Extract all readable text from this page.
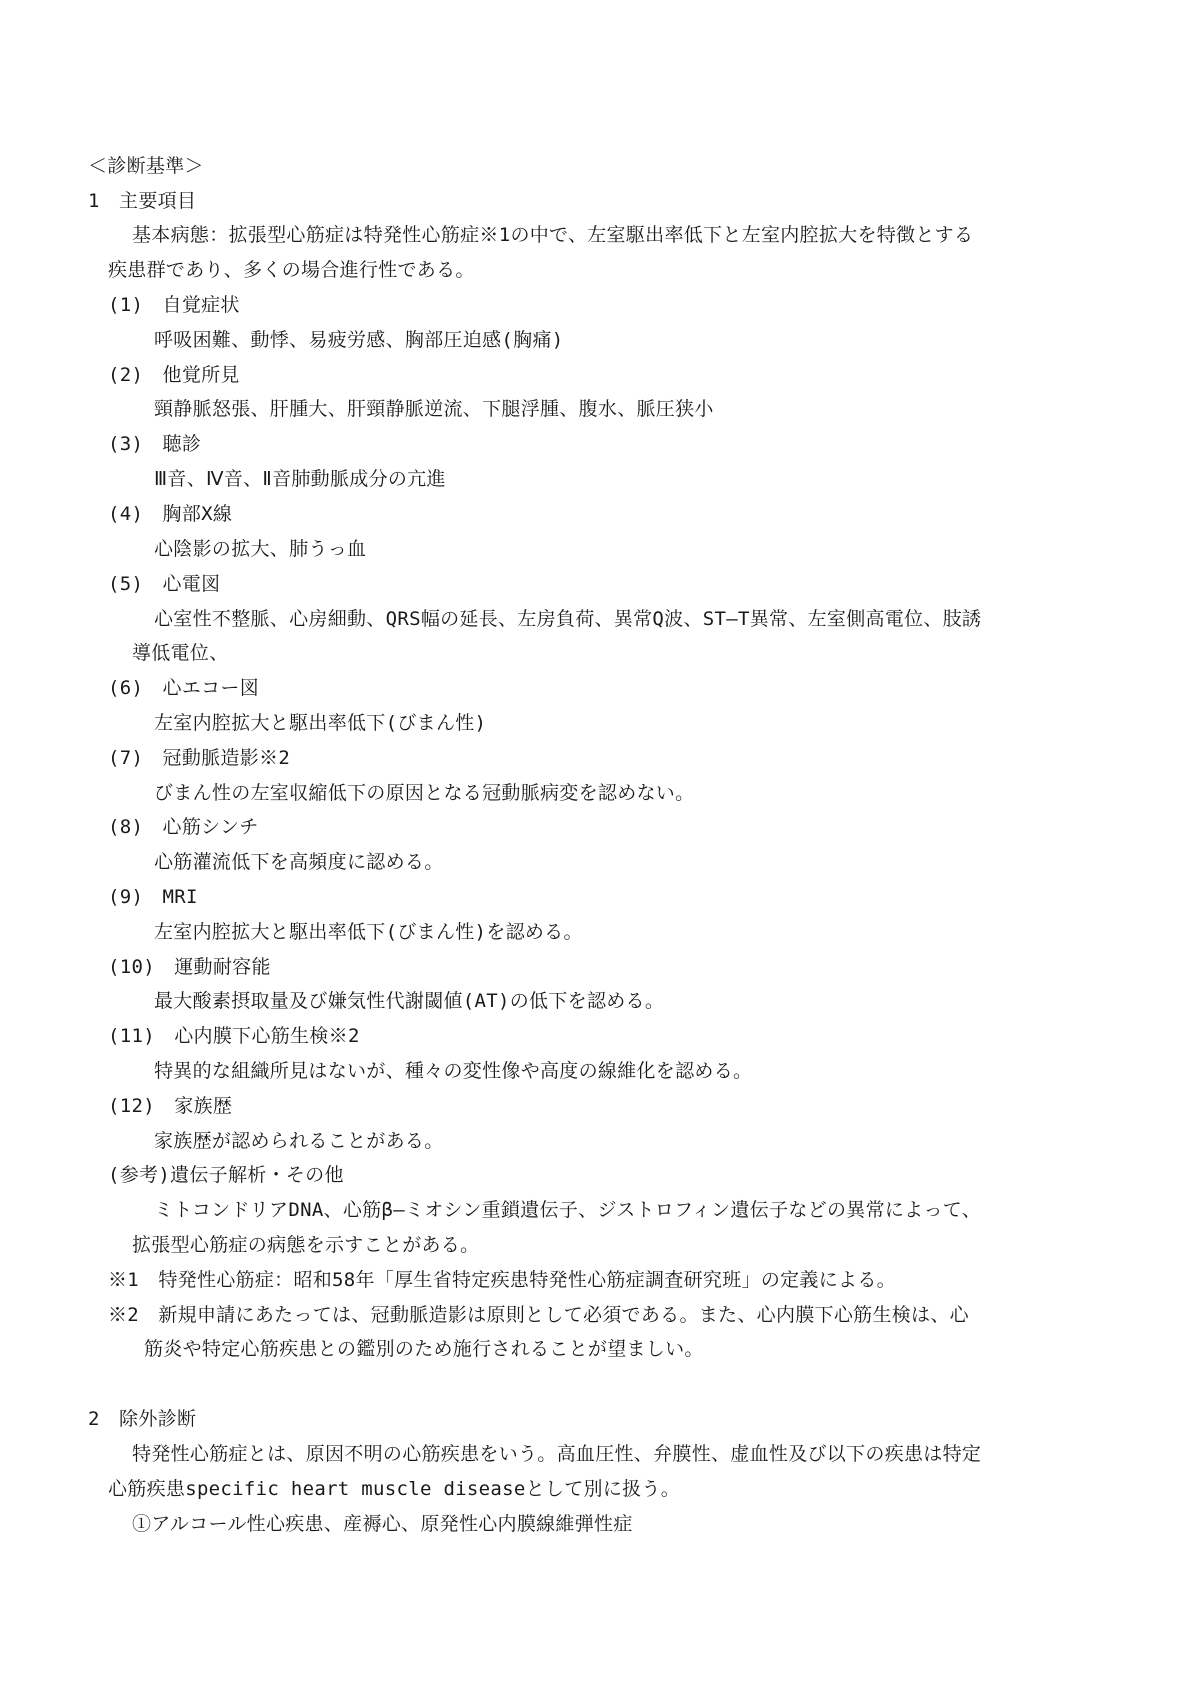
＜診断基準＞
1　主要項目
基本病態：拡張型心筋症は特発性心筋症※1の中で、左室駆出率低下と左室内腔拡大を特徴とする
疾患群であり、多くの場合進行性である。
(1)　自覚症状
呼吸困難、動悸、易疲労感、胸部圧迫感(胸痛)
(2)　他覚所見
頸静脈怒張、肝腫大、肝頸静脈逆流、下腿浮腫、腹水、脈圧狭小
(3)　聴診
Ⅲ音、Ⅳ音、Ⅱ音肺動脈成分の亢進
(4)　胸部X線
心陰影の拡大、肺うっ血
(5)　心電図
心室性不整脈、心房細動、QRS幅の延長、左房負荷、異常Q波、ST―T異常、左室側高電位、肢誘
導低電位、
(6)　心エコー図
左室内腔拡大と駆出率低下(びまん性)
(7)　冠動脈造影※2
びまん性の左室収縮低下の原因となる冠動脈病変を認めない。
(8)　心筋シンチ
心筋灌流低下を高頻度に認める。
(9)　MRI
左室内腔拡大と駆出率低下(びまん性)を認める。
(10)　運動耐容能
最大酸素摂取量及び嫌気性代謝閾値(AT)の低下を認める。
(11)　心内膜下心筋生検※2
特異的な組織所見はないが、種々の変性像や高度の線維化を認める。
(12)　家族歴
家族歴が認められることがある。
(参考)遺伝子解析・その他
ミトコンドリアDNA、心筋β―ミオシン重鎖遺伝子、ジストロフィン遺伝子などの異常によって、
拡張型心筋症の病態を示すことがある。
※1　特発性心筋症：昭和58年「厚生省特定疾患特発性心筋症調査研究班」の定義による。
※2　新規申請にあたっては、冠動脈造影は原則として必須である。また、心内膜下心筋生検は、心
筋炎や特定心筋疾患との鑑別のため施行されることが望ましい。
2　除外診断
特発性心筋症とは、原因不明の心筋疾患をいう。高血圧性、弁膜性、虚血性及び以下の疾患は特定
心筋疾患specific heart muscle diseaseとして別に扱う。
①アルコール性心疾患、産褥心、原発性心内膜線維弾性症
